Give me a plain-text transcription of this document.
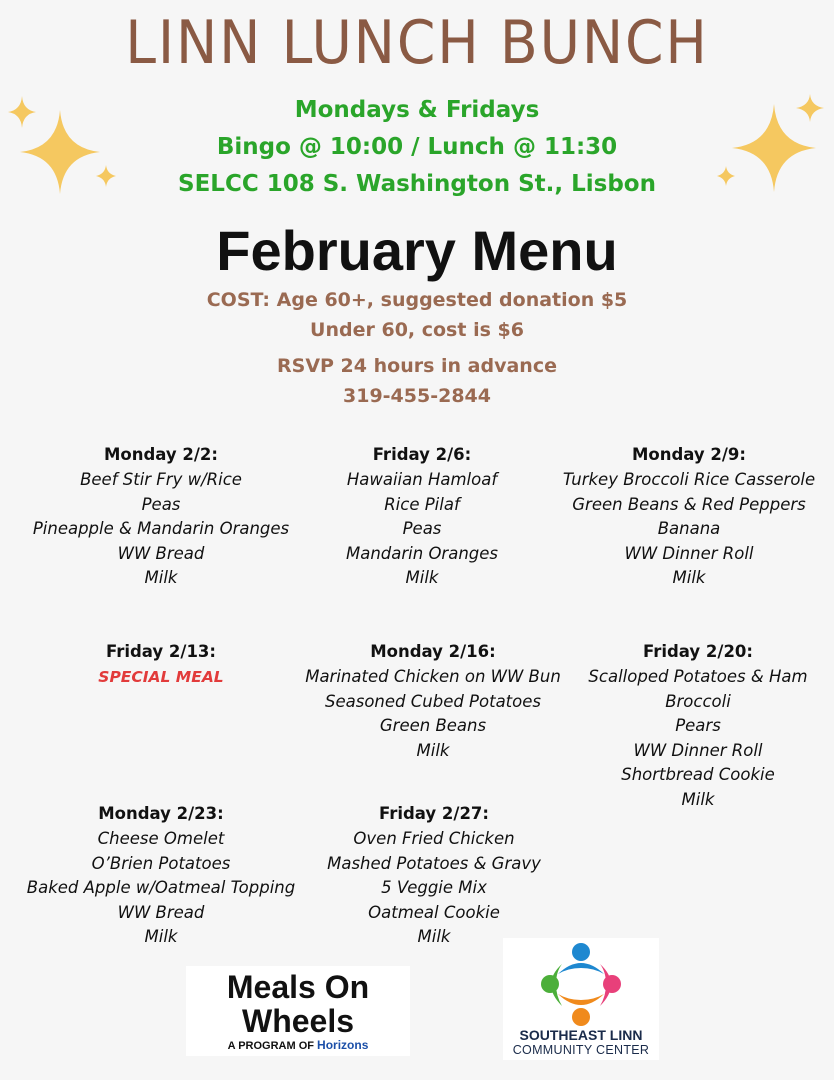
LINN LUNCH BUNCH
Mondays & Fridays
Bingo @ 10:00 / Lunch @ 11:30
SELCC 108 S. Washington St., Lisbon
February Menu
COST: Age 60+, suggested donation $5
Under 60, cost is $6
RSVP 24 hours in advance
319-455-2844
Monday 2/2:
Beef Stir Fry w/Rice
Peas
Pineapple & Mandarin Oranges
WW Bread
Milk
Friday 2/6:
Hawaiian Hamloaf
Rice Pilaf
Peas
Mandarin Oranges
Milk
Monday 2/9:
Turkey Broccoli Rice Casserole
Green Beans & Red Peppers
Banana
WW Dinner Roll
Milk
Friday 2/13:
SPECIAL MEAL
Monday 2/16:
Marinated Chicken on WW Bun
Seasoned Cubed Potatoes
Green Beans
Milk
Friday 2/20:
Scalloped Potatoes & Ham
Broccoli
Pears
WW Dinner Roll
Shortbread Cookie
Milk
Monday 2/23:
Cheese Omelet
O’Brien Potatoes
Baked Apple w/Oatmeal Topping
WW Bread
Milk
Friday 2/27:
Oven Fried Chicken
Mashed Potatoes & Gravy
5 Veggie Mix
Oatmeal Cookie
Milk
Meals On
Wheels
A PROGRAM OF Horizons
SOUTHEAST LINN
COMMUNITY CENTER
